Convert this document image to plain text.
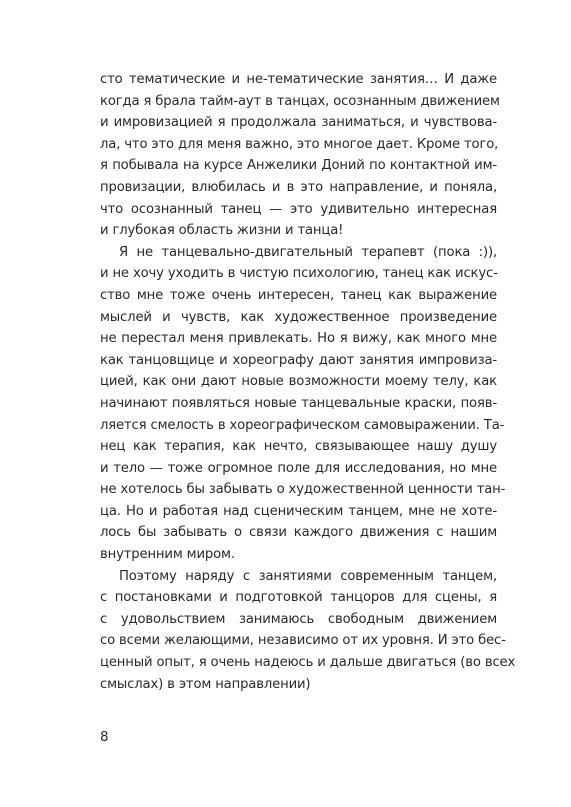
сто тематические и не-тематические занятия… И даже
когда я брала тайм-аут в танцах, осознанным движением
и имровизацией я продолжала заниматься, и чувствова-
ла, что это для меня важно, это многое дает. Кроме того,
я побывала на курсе Анжелики Доний по контактной им-
провизации, влюбилась и в это направление, и поняла,
что осознанный танец — это удивительно интересная
и глубокая область жизни и танца!
Я не танцевально-двигательный терапевт (пока :)),
и не хочу уходить в чистую психологию, танец как искус-
ство мне тоже очень интересен, танец как выражение
мыслей и чувств, как художественное произведение
не перестал меня привлекать. Но я вижу, как много мне
как танцовщице и хореографу дают занятия импровиза-
цией, как они дают новые возможности моему телу, как
начинают появляться новые танцевальные краски, появ-
ляется смелость в хореографическом самовыражении. Та-
нец как терапия, как нечто, связывающее нашу душу
и тело — тоже огромное поле для исследования, но мне
не хотелось бы забывать о художественной ценности тан-
ца. Но и работая над сценическим танцем, мне не хоте-
лось бы забывать о связи каждого движения с нашим
внутренним миром.
Поэтому наряду с занятиями современным танцем,
с постановками и подготовкой танцоров для сцены, я
с удовольствием занимаюсь свободным движением
со всеми желающими, независимо от их уровня. И это бес-
ценный опыт, я очень надеюсь и дальше двигаться (во всех
смыслах) в этом направлении)
8
